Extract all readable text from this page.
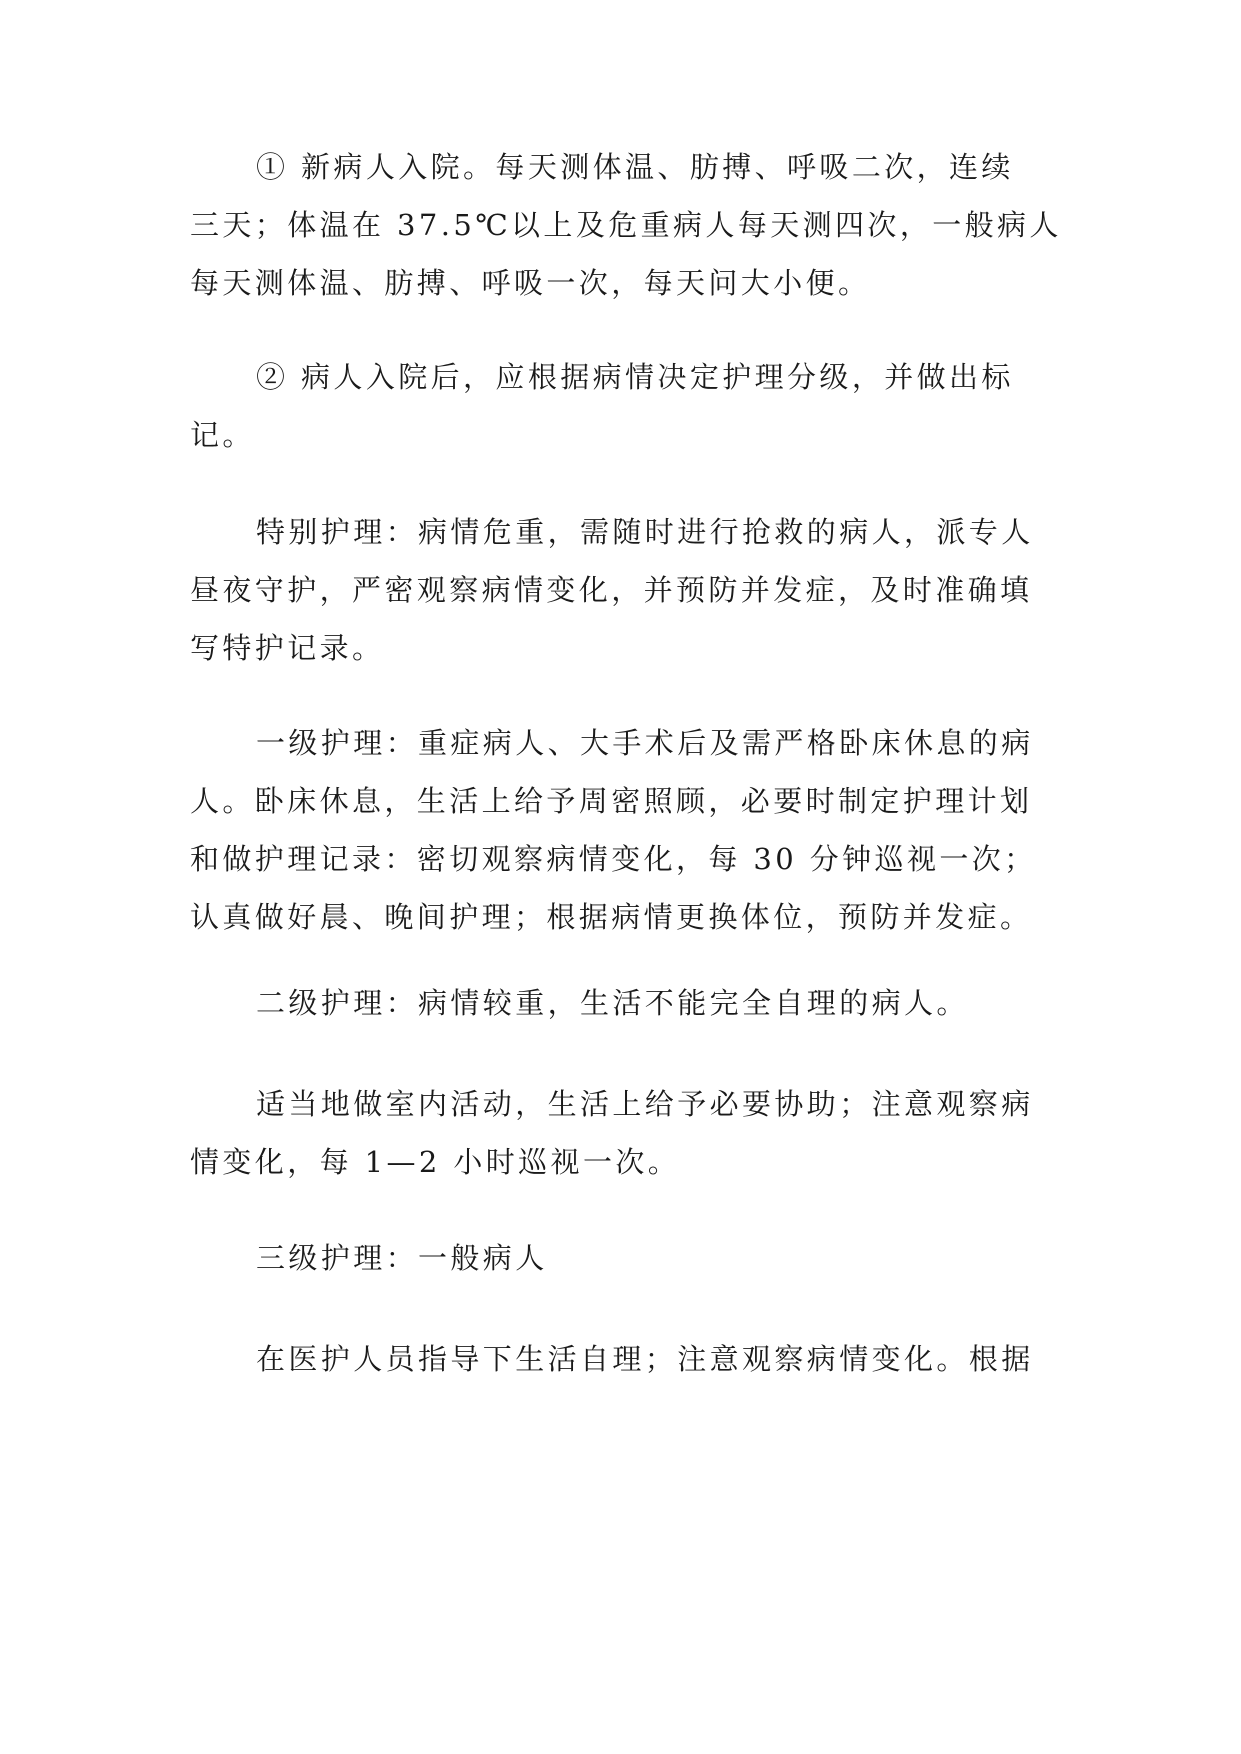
① 新病人入院。每天测体温、肪搏、呼吸二次，连续
三天；体温在 37.5℃以上及危重病人每天测四次，一般病人
每天测体温、肪搏、呼吸一次，每天问大小便。
② 病人入院后，应根据病情决定护理分级，并做出标
记。
特别护理：病情危重，需随时进行抢救的病人，派专人
昼夜守护，严密观察病情变化，并预防并发症，及时准确填
写特护记录。
一级护理：重症病人、大手术后及需严格卧床休息的病
人。卧床休息，生活上给予周密照顾，必要时制定护理计划
和做护理记录：密切观察病情变化，每 30 分钟巡视一次；
认真做好晨、晚间护理；根据病情更换体位，预防并发症。
二级护理：病情较重，生活不能完全自理的病人。
适当地做室内活动，生活上给予必要协助；注意观察病
情变化，每 1—2 小时巡视一次。
三级护理：一般病人
在医护人员指导下生活自理；注意观察病情变化。根据
